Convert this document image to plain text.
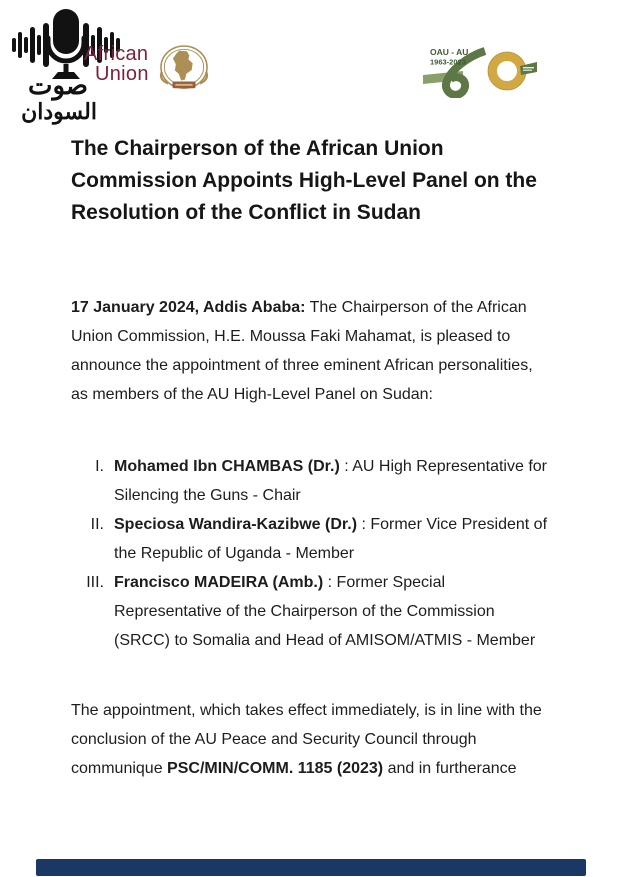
صوت
السودان
African
Union
OAU - AU
1963-2023
The Chairperson of the African Union Commission Appoints High-Level Panel on the Resolution of the Conflict in Sudan

17 January 2024, Addis Ababa: The Chairperson of the African Union Commission, H.E. Moussa Faki Mahamat, is pleased to announce the appointment of three eminent African personalities, as members of the AU High-Level Panel on Sudan:

I. Mohamed Ibn CHAMBAS (Dr.) : AU High Representative for Silencing the Guns - Chair
II. Speciosa Wandira-Kazibwe (Dr.) : Former Vice President of the Republic of Uganda - Member
III. Francisco MADEIRA (Amb.) : Former Special Representative of the Chairperson of the Commission (SRCC) to Somalia and Head of AMISOM/ATMIS - Member

The appointment, which takes effect immediately, is in line with the conclusion of the AU Peace and Security Council through communique PSC/MIN/COMM. 1185 (2023) and in furtherance
